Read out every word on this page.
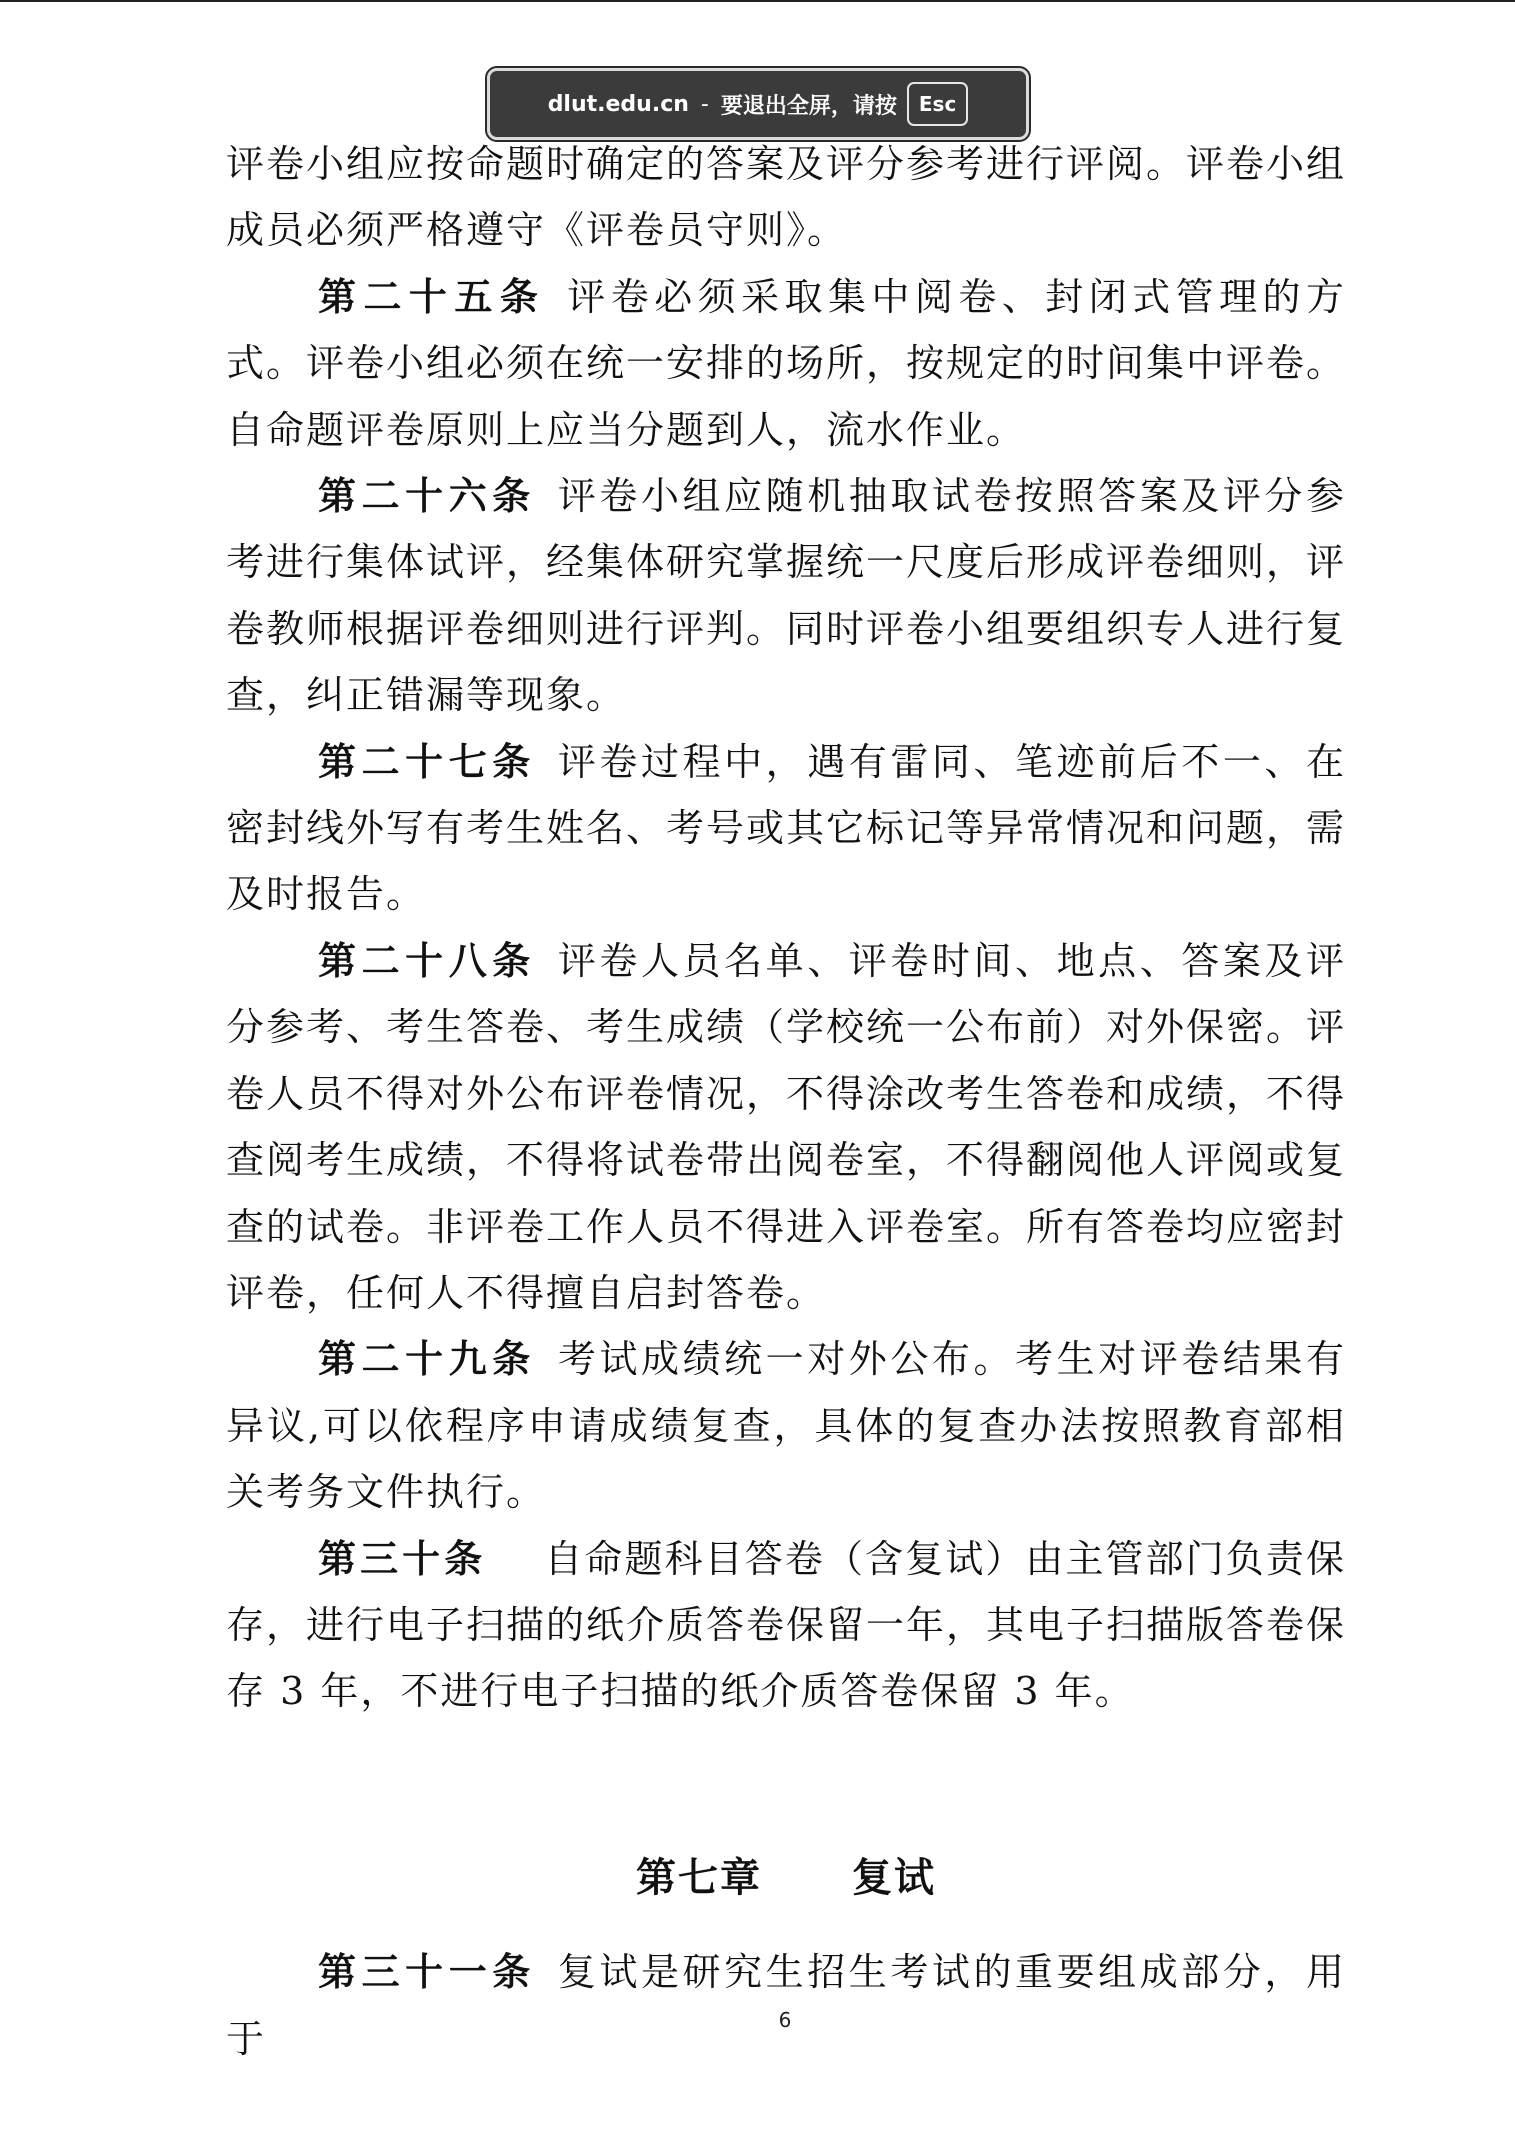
dlut.edu.cn - 要退出全屏，请按	Esc

评卷小组应按命题时确定的答案及评分参考进行评阅。评卷小组成员必须严格遵守《评卷员守则》。

第二十五条 评卷必须采取集中阅卷、封闭式管理的方式。评卷小组必须在统一安排的场所，按规定的时间集中评卷。自命题评卷原则上应当分题到人，流水作业。

第二十六条 评卷小组应随机抽取试卷按照答案及评分参考进行集体试评，经集体研究掌握统一尺度后形成评卷细则，评卷教师根据评卷细则进行评判。同时评卷小组要组织专人进行复查，纠正错漏等现象。

第二十七条 评卷过程中，遇有雷同、笔迹前后不一、在密封线外写有考生姓名、考号或其它标记等异常情况和问题，需及时报告。

第二十八条 评卷人员名单、评卷时间、地点、答案及评分参考、考生答卷、考生成绩（学校统一公布前）对外保密。评卷人员不得对外公布评卷情况，不得涂改考生答卷和成绩，不得查阅考生成绩，不得将试卷带出阅卷室，不得翻阅他人评阅或复查的试卷。非评卷工作人员不得进入评卷室。所有答卷均应密封评卷，任何人不得擅自启封答卷。

第二十九条 考试成绩统一对外公布。考生对评卷结果有异议,可以依程序申请成绩复查，具体的复查办法按照教育部相关考务文件执行。

第三十条 自命题科目答卷（含复试）由主管部门负责保存，进行电子扫描的纸介质答卷保留一年，其电子扫描版答卷保存 3 年，不进行电子扫描的纸介质答卷保留 3 年。

第七章 复试

第三十一条 复试是研究生招生考试的重要组成部分，用于	6
